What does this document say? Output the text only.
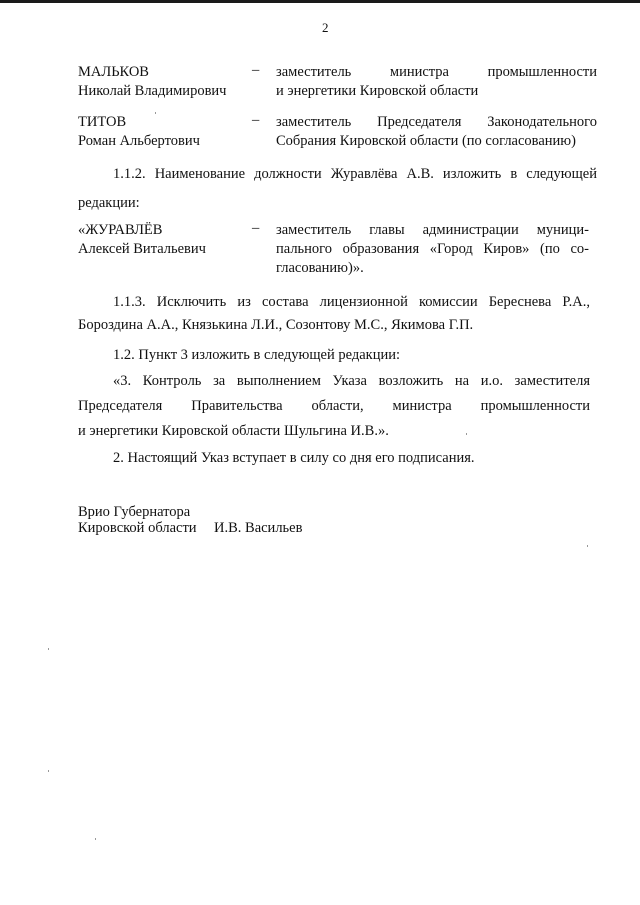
2
МАЛЬКОВ
Николай Владимирович
– заместитель министра промышленности
и энергетики Кировской области
ТИТОВ
Роман Альбертович
– заместитель Председателя Законодательного
Собрания Кировской области (по согласованию)
1.1.2. Наименование должности Журавлёва А.В. изложить в следующей
редакции:
«ЖУРАВЛЁВ
Алексей Витальевич
– заместитель главы администрации муници-
пального образования «Город Киров» (по со-
гласованию)».
1.1.3. Исключить из состава лицензионной комиссии Береснева Р.А.,
Бороздина А.А., Князькина Л.И., Созонтову М.С., Якимова Г.П.
1.2. Пункт 3 изложить в следующей редакции:
«3. Контроль за выполнением Указа возложить на и.о. заместителя
Председателя Правительства области, министра промышленности
и энергетики Кировской области Шульгина И.В.».
2. Настоящий Указ вступает в силу со дня его подписания.
Врио Губернатора
Кировской области И.В. Васильев
